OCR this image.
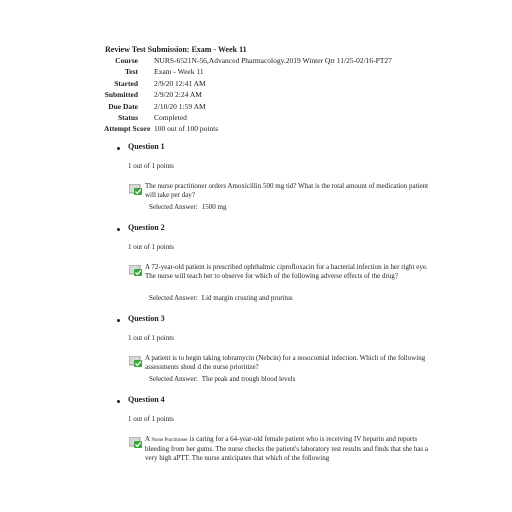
Review Test Submission: Exam - Week 11
Course NURS-6521N-56,Advanced Pharmacology.2019 Winter Qtr 11/25-02/16-PT27
Test Exam - Week 11
Started 2/9/20 12:41 AM
Submitted 2/9/20 2:24 AM
Due Date 2/10/20 1:59 AM
Status Completed
Attempt Score 100 out of 100 points
Question 1
1 out of 1 points
The nurse practitioner orders Amoxicillin 500 mg tid? What is the total amount of medication patient will take per day?
Selected Answer: 1500 mg
Question 2
1 out of 1 points
A 72-year-old patient is prescribed ophthalmic ciprofloxacin for a bacterial infection in her right eye. The nurse will teach her to observe for which of the following adverse effects of the drug?
Selected Answer: Lid margin crusting and pruritus
Question 3
1 out of 1 points
A patient is to begin taking tobramycin (Nebcin) for a nosocomial infection. Which of the following assessments shoul d the nurse prioritize?
Selected Answer: The peak and trough blood levels
Question 4
1 out of 1 points
A Nurse Practitioner is caring for a 64-year-old female patient who is receiving IV heparin and reports bleeding from her gums. The nurse checks the patient's laboratory test results and finds that she has a very high aPTT. The nurse anticipates that which of the following
